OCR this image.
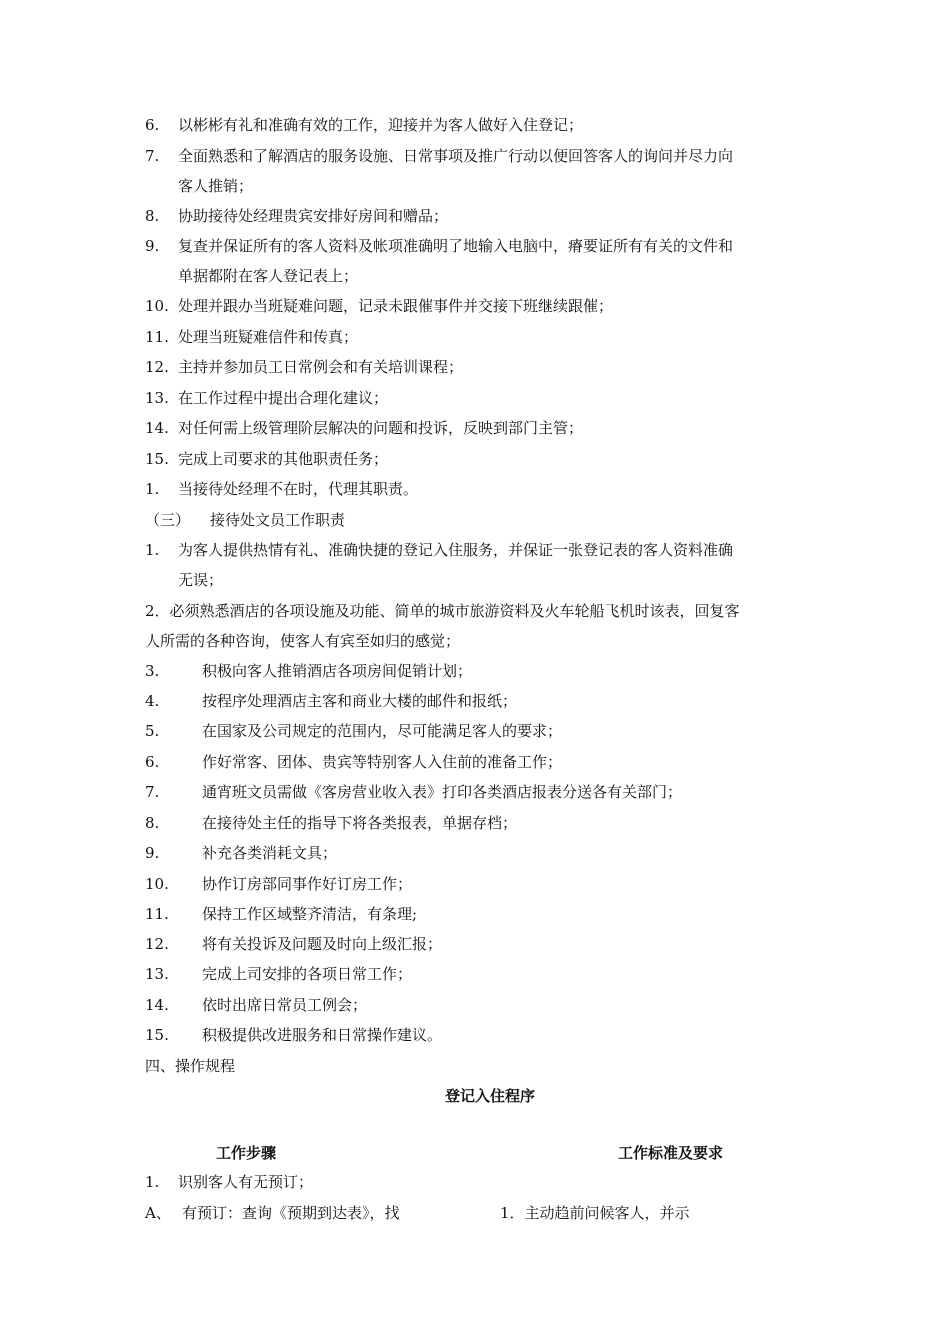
6. 以彬彬有礼和准确有效的工作，迎接并为客人做好入住登记；
7. 全面熟悉和了解酒店的服务设施、日常事项及推广行动以便回答客人的询问并尽力向
客人推销；
8. 协助接待处经理贵宾安排好房间和赠品；
9. 复查并保证所有的客人资料及帐项准确明了地输入电脑中，瘠要证所有有关的文件和
单据都附在客人登记表上；
10. 处理并跟办当班疑难问题，记录未跟催事件并交接下班继续跟催；
11. 处理当班疑难信件和传真；
12. 主持并参加员工日常例会和有关培训课程；
13. 在工作过程中提出合理化建议；
14. 对任何需上级管理阶层解决的问题和投诉，反映到部门主管；
15. 完成上司要求的其他职责任务；
1. 当接待处经理不在时，代理其职责。
（三） 接待处文员工作职责
1. 为客人提供热情有礼、准确快捷的登记入住服务，并保证一张登记表的客人资料准确
无误；
2．必须熟悉酒店的各项设施及功能、简单的城市旅游资料及火车轮船飞机时该表，回复客
人所需的各种咨询，使客人有宾至如归的感觉；
3.	积极向客人推销酒店各项房间促销计划；
4.	按程序处理酒店主客和商业大楼的邮件和报纸；
5.	在国家及公司规定的范围内，尽可能满足客人的要求；
6.	作好常客、团体、贵宾等特别客人入住前的准备工作；
7.	通宵班文员需做《客房营业收入表》打印各类酒店报表分送各有关部门；
8.	在接待处主任的指导下将各类报表，单据存档；
9.	补充各类消耗文具；
10. 协作订房部同事作好订房工作；
11. 保持工作区域整齐清洁，有条理;
12. 将有关投诉及问题及时向上级汇报；
13. 完成上司安排的各项日常工作；
14. 依时出席日常员工例会；
15. 积极提供改进服务和日常操作建议。
四、操作规程
登记入住程序
工作步骤	工作标准及要求
1. 识别客人有无预订；
A、 有预订：查询《预期到达表》，找	1．主动趋前问候客人，并示
